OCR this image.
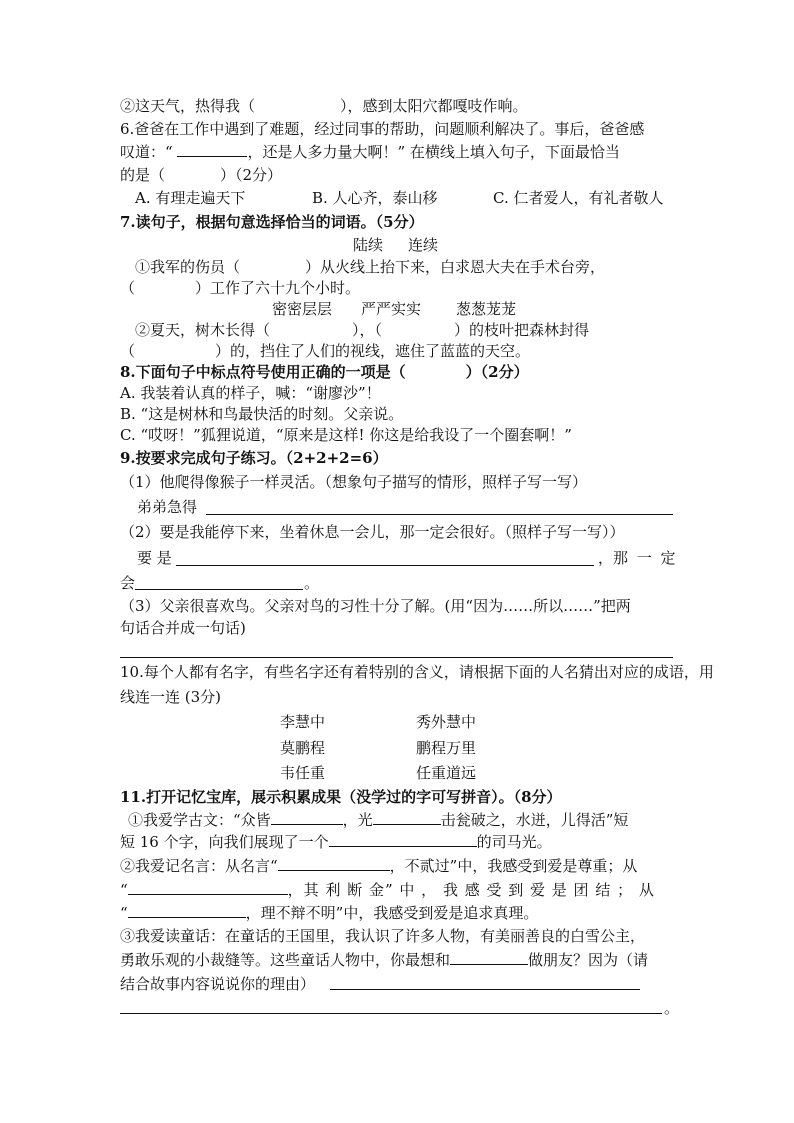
②这天气，热得我（	），感到太阳穴都嘎吱作响。
6.爸爸在工作中遇到了难题，经过同事的帮助，问题顺利解决了。事后，爸爸感
叹道：“	，还是人多力量大啊！” 在横线上填入句子，下面最恰当
的是（	）（2分）
A. 有理走遍天下	B. 人心齐，泰山移	C. 仁者爱人，有礼者敬人
7.读句子，根据句意选择恰当的词语。（5分）
陆续 连续
①我军的伤员（	）从火线上抬下来，白求恩大夫在手术台旁，
（	）工作了六十九个小时。
密密层层 严严实实 葱葱茏茏
②夏天，树木长得（	），（	）的枝叶把森林封得
（	）的，挡住了人们的视线，遮住了蓝蓝的天空。
8.下面句子中标点符号使用正确的一项是（	）（2分）
A. 我装着认真的样子，喊：“谢廖沙”！
B. “这是树林和鸟最快活的时刻。父亲说。
C. “哎呀！”狐狸说道，“原来是这样! 你这是给我设了一个圈套啊！”
9.按要求完成句子练习。（2+2+2=6）
（1）他爬得像猴子一样灵活。（想象句子描写的情形，照样子写一写）
弟弟急得
（2）要是我能停下来，坐着休息一会儿，那一定会很好。（照样子写一写））
要 是	，那 一 定
会	。
（3）父亲很喜欢鸟。父亲对鸟的习性十分了解。(用“因为……所以……”把两
句话合并成一句话)
10.每个人都有名字，有些名字还有着特别的含义，请根据下面的人名猜出对应的成语，用
线连一连 (3分)
李慧中	秀外慧中
莫鹏程	鹏程万里
韦任重	任重道远
11.打开记忆宝库，展示积累成果（没学过的字可写拼音）。（8分）
①我爱学古文：“众皆	，光	击瓮破之，水迸，儿得活”短
短 16 个字，向我们展现了一个	的司马光。
②我爱记名言：从名言“	，不贰过”中，我感受到爱是尊重；从
“	，其 利 断 金” 中 ， 我 感 受 到 爱 是 团 结 ； 从
“	，理不辩不明”中，我感受到爱是追求真理。
③我爱读童话：在童话的王国里，我认识了许多人物，有美丽善良的白雪公主，
勇敢乐观的小裁缝等。这些童话人物中，你最想和	做朋友？因为（请
结合故事内容说说你的理由）
。
